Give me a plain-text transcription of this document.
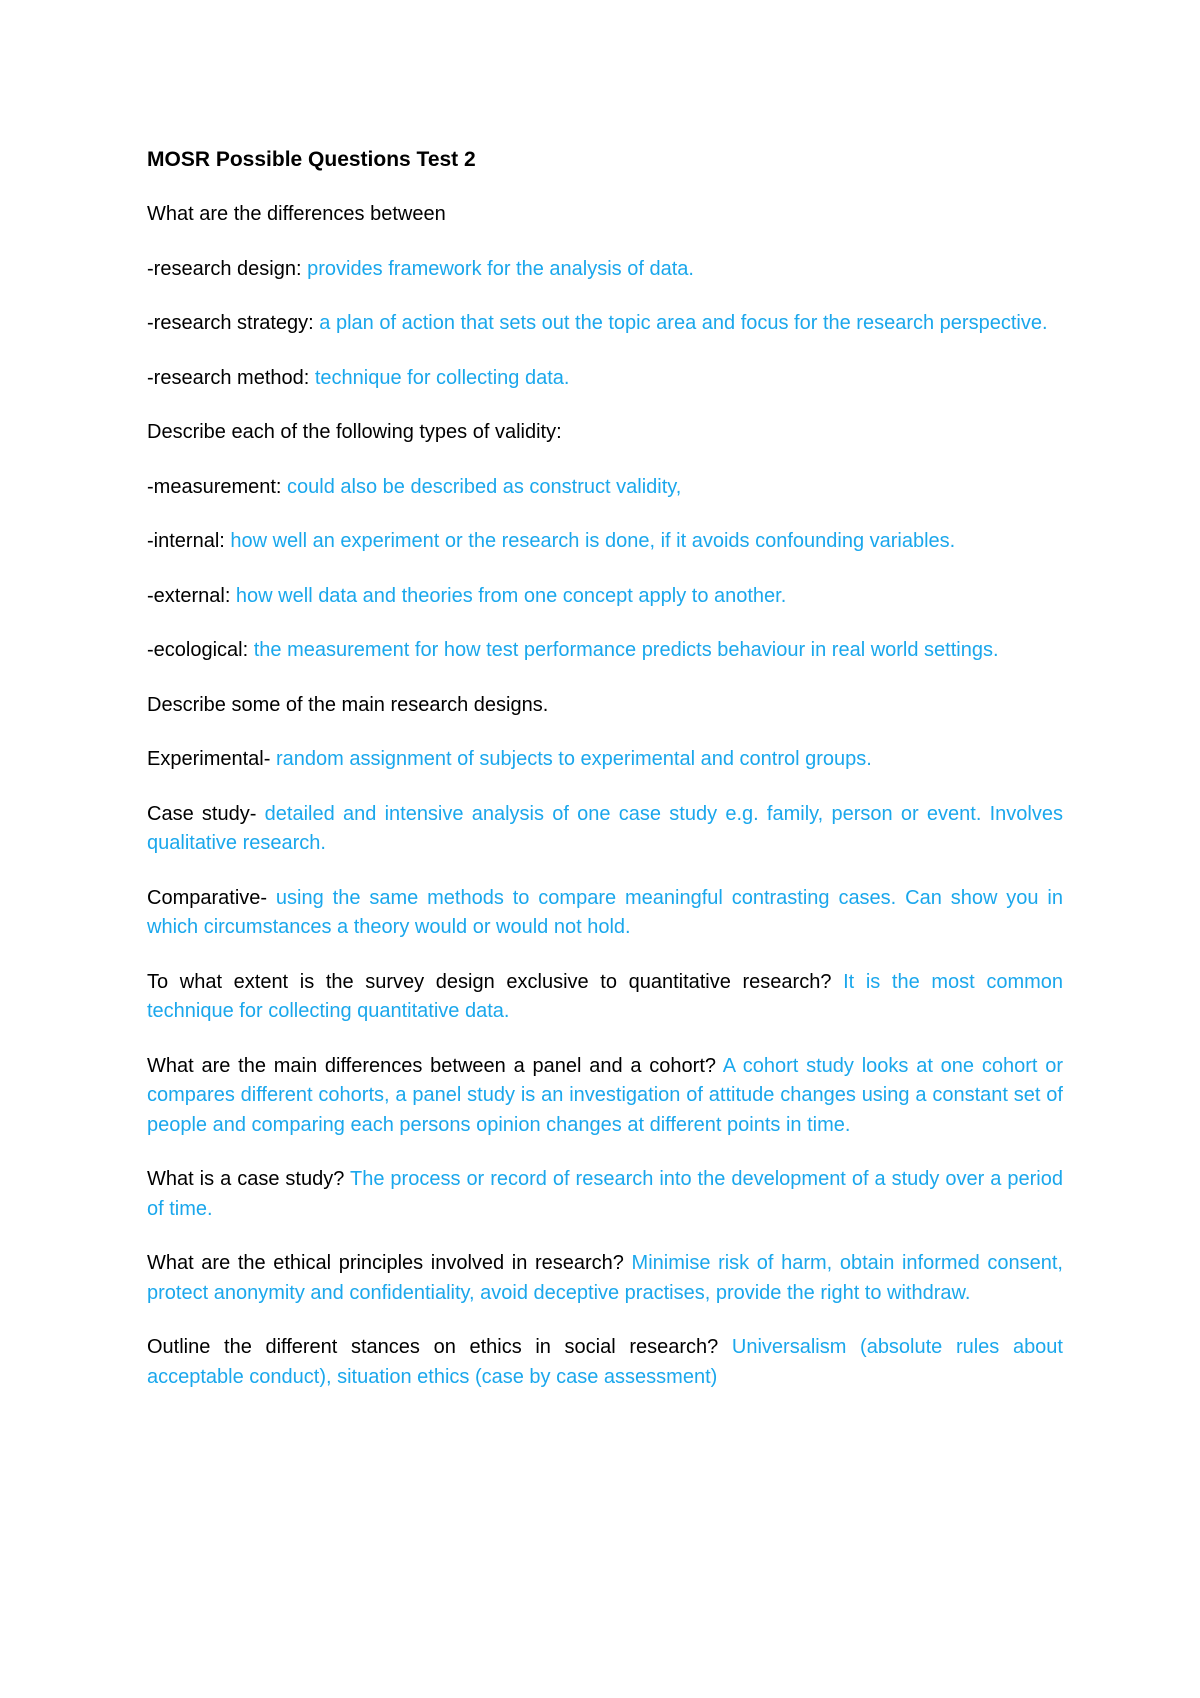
MOSR Possible Questions Test 2

What are the differences between

-research design: provides framework for the analysis of data.

-research strategy: a plan of action that sets out the topic area and focus for the research perspective.

-research method: technique for collecting data.

Describe each of the following types of validity:

-measurement: could also be described as construct validity,

-internal: how well an experiment or the research is done, if it avoids confounding variables.

-external: how well data and theories from one concept apply to another.

-ecological: the measurement for how test performance predicts behaviour in real world settings.

Describe some of the main research designs.

Experimental- random assignment of subjects to experimental and control groups.

Case study- detailed and intensive analysis of one case study e.g. family, person or event. Involves qualitative research.

Comparative- using the same methods to compare meaningful contrasting cases. Can show you in which circumstances a theory would or would not hold.

To what extent is the survey design exclusive to quantitative research? It is the most common technique for collecting quantitative data.

What are the main differences between a panel and a cohort? A cohort study looks at one cohort or compares different cohorts, a panel study is an investigation of attitude changes using a constant set of people and comparing each persons opinion changes at different points in time.

What is a case study? The process or record of research into the development of a study over a period of time.

What are the ethical principles involved in research? Minimise risk of harm, obtain informed consent, protect anonymity and confidentiality, avoid deceptive practises, provide the right to withdraw.

Outline the different stances on ethics in social research? Universalism (absolute rules about acceptable conduct), situation ethics (case by case assessment)
